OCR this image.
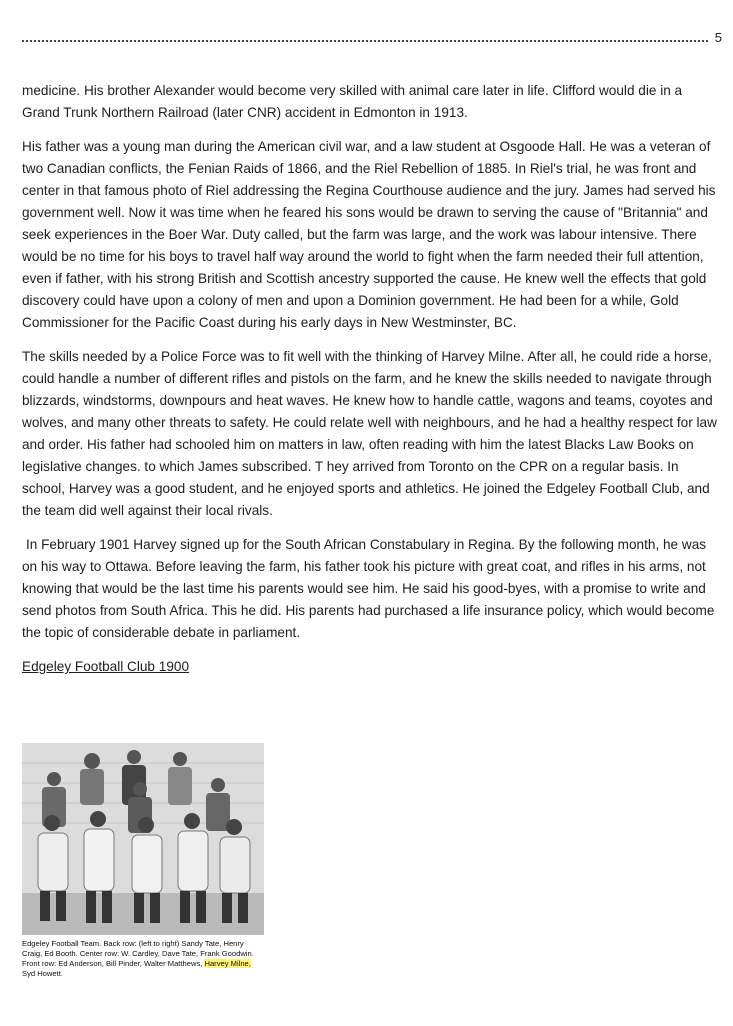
5

medicine. His brother Alexander would become very skilled with animal care later in life. Clifford would die in a Grand Trunk Northern Railroad (later CNR) accident in Edmonton in 1913.

His father was a young man during the American civil war, and a law student at Osgoode Hall. He was a veteran of two Canadian conflicts, the Fenian Raids of 1866, and the Riel Rebellion of 1885. In Riel's trial, he was front and center in that famous photo of Riel addressing the Regina Courthouse audience and the jury. James had served his government well. Now it was time when he feared his sons would be drawn to serving the cause of "Britannia" and seek experiences in the Boer War. Duty called, but the farm was large, and the work was labour intensive. There would be no time for his boys to travel half way around the world to fight when the farm needed their full attention, even if father, with his strong British and Scottish ancestry supported the cause. He knew well the effects that gold discovery could have upon a colony of men and upon a Dominion government. He had been for a while, Gold Commissioner for the Pacific Coast during his early days in New Westminster, BC.

The skills needed by a Police Force was to fit well with the thinking of Harvey Milne. After all, he could ride a horse, could handle a number of different rifles and pistols on the farm, and he knew the skills needed to navigate through blizzards, windstorms, downpours and heat waves. He knew how to handle cattle, wagons and teams, coyotes and wolves, and many other threats to safety. He could relate well with neighbours, and he had a healthy respect for law and order. His father had schooled him on matters in law, often reading with him the latest Blacks Law Books on legislative changes. to which James subscribed. T hey arrived from Toronto on the CPR on a regular basis. In school, Harvey was a good student, and he enjoyed sports and athletics. He joined the Edgeley Football Club, and the team did well against their local rivals.

In February 1901 Harvey signed up for the South African Constabulary in Regina. By the following month, he was on his way to Ottawa. Before leaving the farm, his father took his picture with great coat, and rifles in his arms, not knowing that would be the last time his parents would see him. He said his good-byes, with a promise to write and send photos from South Africa. This he did. His parents had purchased a life insurance policy, which would become the topic of considerable debate in parliament.

Edgeley Football Club 1900

Edgeley Football Team. Back row: (left to right) Sandy Tate, Henry Craig, Ed Booth. Center row: W. Cardley, Dave Tate, Frank Goodwin. Front row: Ed Anderson, Bill Pinder, Walter Matthews, Harvey Milne, Syd Howett.
